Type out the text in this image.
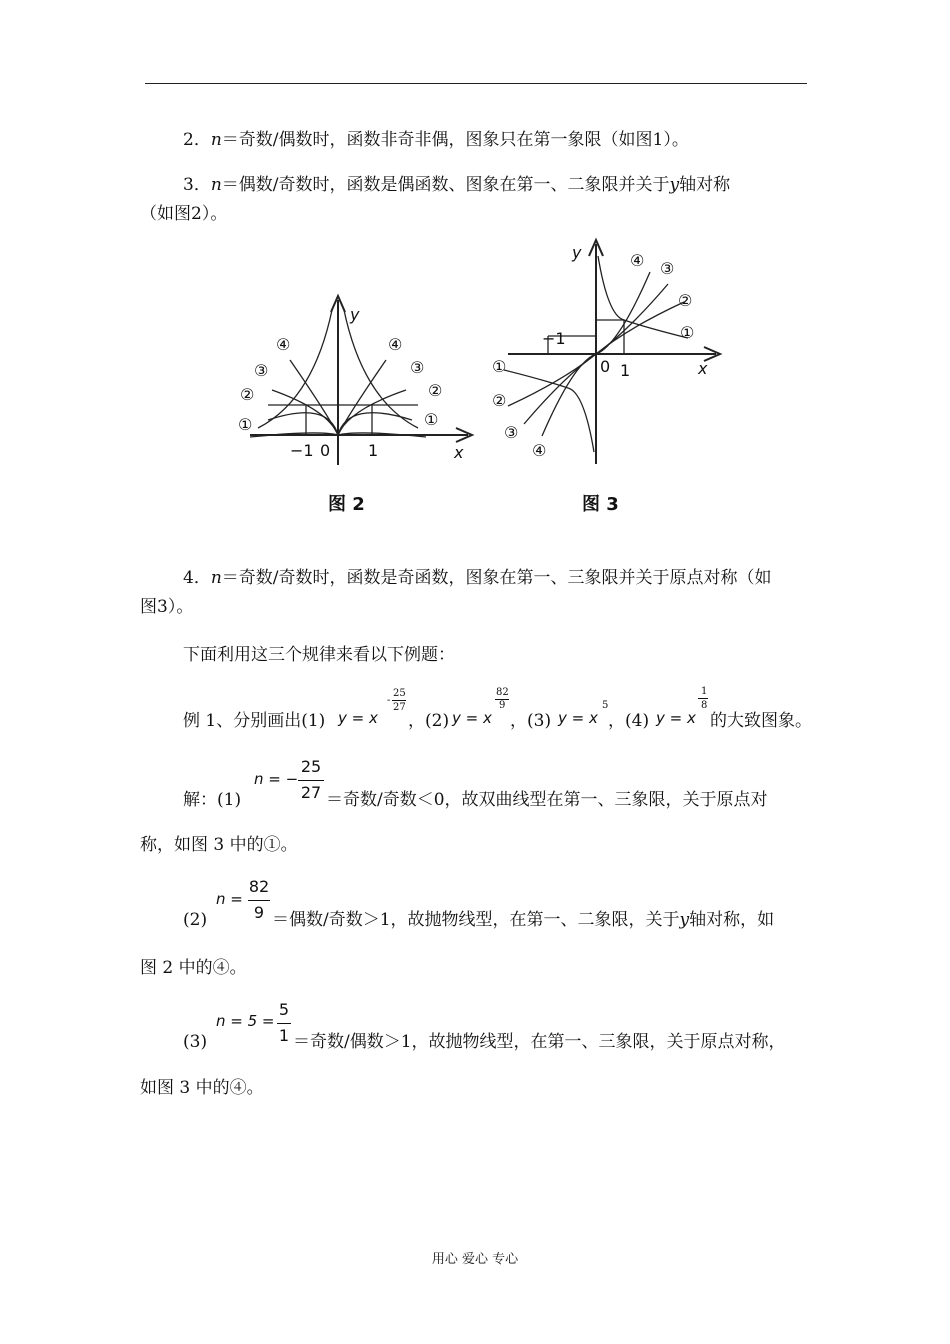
2．n＝奇数/偶数时，函数非奇非偶，图象只在第一象限（如图1）。
3．n＝偶数/奇数时，函数是偶函数、图象在第一、二象限并关于y轴对称
（如图2）。
①
②
③
④
①
②
③
④
−1 0 1
y
x
图 2
④ ③
②
①
①
②
③
④
−1
0 1
y
x
图 3
4．n＝奇数/奇数时，函数是奇函数，图象在第一、三象限并关于原点对称（如
图3）。
下面利用这三个规律来看以下例题：
例 1、分别画出(1) y = x
-
25
27
，(2) y = x
82
9
，(3) y = x
5
，(4) y = x
1
8
的大致图象。
解：(1)
n = −
25
27 ＝奇数/奇数＜0，故双曲线型在第一、三象限，关于原点对
称，如图 3 中的①。
(2)
n =
82
9 ＝偶数/奇数＞1，故抛物线型，在第一、二象限，关于y轴对称，如
图 2 中的④。
(3)
n = 5 =
5
1 ＝奇数/偶数＞1，故抛物线型，在第一、三象限，关于原点对称，
如图 3 中的④。
用心 爱心 专心
